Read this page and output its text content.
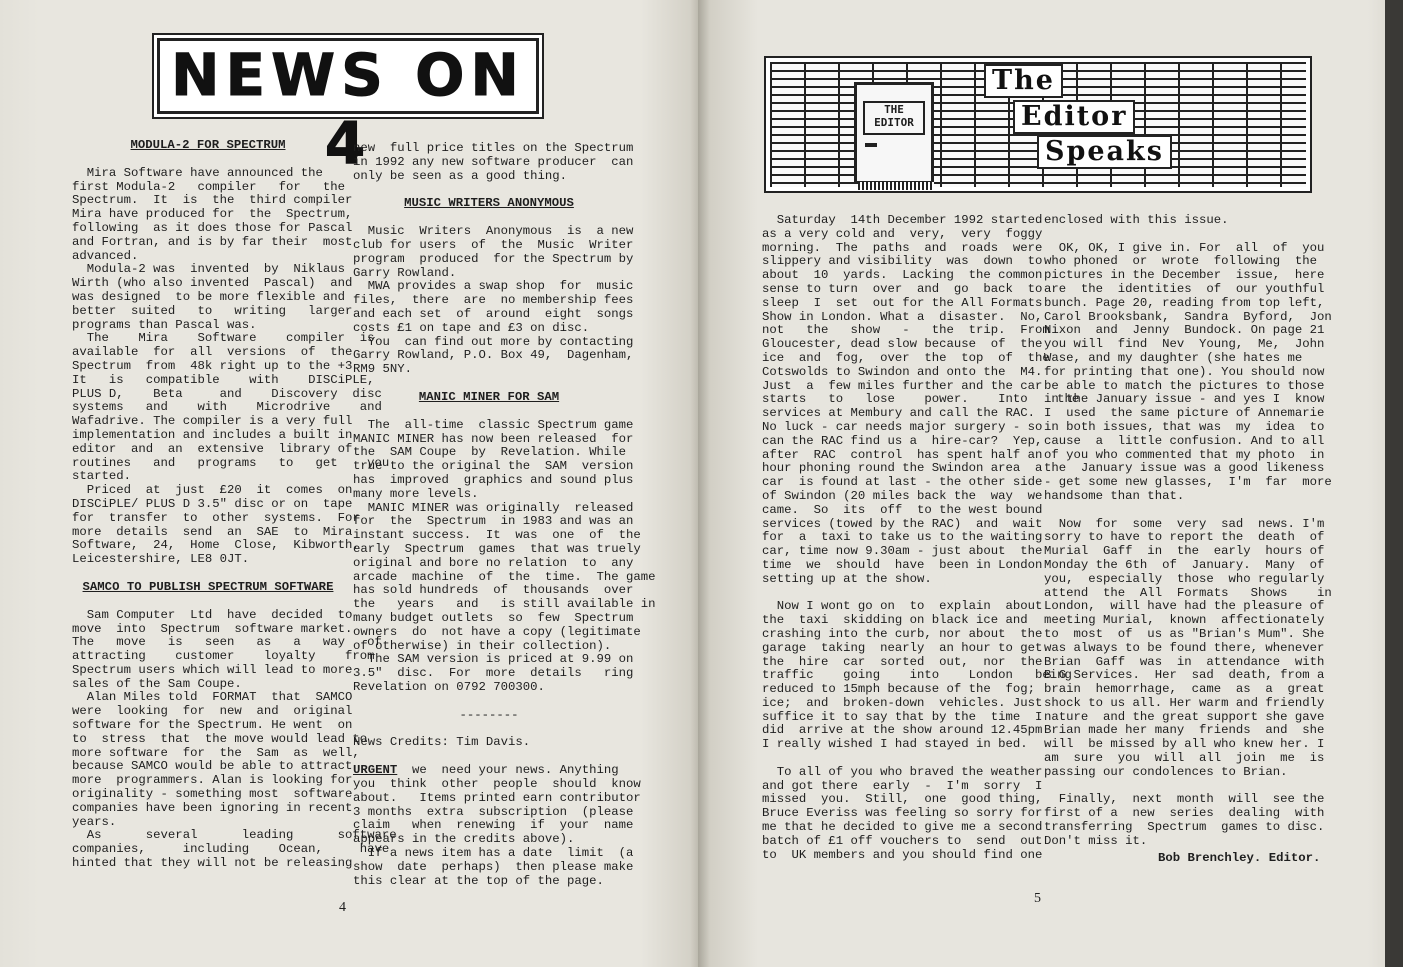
NEWS ON 4
MODULA-2 FOR SPECTRUM
Mira Software have announced the
first Modula-2   compiler   for   the
Spectrum.  It  is  the  third compiler
Mira have produced for  the  Spectrum,
following  as it does those for Pascal
and Fortran, and is by far their  most
advanced.
Modula-2 was  invented  by  Niklaus
Wirth (who also invented  Pascal)  and
was designed  to be more flexible and
better  suited   to   writing   larger
programs than Pascal was.
The    Mira    Software    compiler  is
available  for  all  versions  of  the
Spectrum  from  48k right up to the +3
It   is   compatible    with    DISCiPLE,
PLUS D,    Beta     and    Discovery  disc
systems   and    with    Microdrive    and
Wafadrive. The compiler is a very full
implementation and includes a built in
editor  and  an  extensive  library of
routines   and   programs   to   get    you
started.
Priced  at  just  £20  it  comes  on
DISCiPLE/ PLUS D 3.5" disc or on  tape
for  transfer  to  other  systems.  For
more  details  send  an  SAE  to  Mira
Software,  24,  Home  Close,  Kibworth,
Leicestershire, LE8 0JT.
SAMCO TO PUBLISH SPECTRUM SOFTWARE
Sam Computer  Ltd  have  decided  to
move  into  Spectrum  software market.
The   move   is   seen   as   a   way   of
attracting    customer    loyalty    from
Spectrum users which will lead to more
sales of the Sam Coupe.
Alan Miles told  FORMAT  that  SAMCO
were  looking  for  new  and  original
software for the Spectrum. He went  on
to  stress  that  the move would lead to
more software  for  the  Sam  as  well,
because SAMCO would be able to attract
more  programmers. Alan is looking for
originality - something most  software
companies have been ignoring in recent
years.
As      several      leading      software
companies,     including    Ocean,     have
hinted that they will not be releasing
new  full price titles on the Spectrum
in 1992 any new software producer  can
only be seen as a good thing.
MUSIC WRITERS ANONYMOUS
Music  Writers  Anonymous  is  a new
club for users  of  the  Music  Writer
program  produced  for the Spectrum by
Garry Rowland.
MWA provides a swap shop  for  music
files,  there  are  no membership fees
and each set  of  around  eight  songs
costs £1 on tape and £3 on disc.
You  can find out more by contacting
Garry Rowland, P.O. Box 49,  Dagenham,
RM9 5NY.
MANIC MINER FOR SAM
The  all-time  classic Spectrum game
MANIC MINER has now been released  for
the  SAM Coupe  by  Revelation. While
true to the original the  SAM  version
has  improved  graphics and sound plus
many more levels.
MANIC MINER was originally  released
for  the  Spectrum  in 1983 and was an
instant success.  It  was  one  of  the
early  Spectrum  games  that was truely
original and bore no relation  to  any
arcade  machine  of  the  time.  The game
has sold hundreds  of  thousands  over
the   years   and   is still available in
many budget outlets  so  few  Spectrum
owners  do  not have a copy (legitimate
of otherwise) in their collection).
The SAM version is priced at 9.99 on
3.5"  disc.  For  more  details   ring
Revelation on 0792 700300.
--------
News Credits: Tim Davis.
URGENT  we  need your news. Anything
you  think  other  people  should  know
about.   Items printed earn contributor
3 months  extra  subscription  (please
claim   when  renewing  if  your  name
appears in the credits above).
If a news item has a date  limit  (a
show  date  perhaps)  then please make
this clear at the top of the page.
4
THE
EDITOR
The
Editor
Speaks
Saturday  14th December 1992 started
as a very cold and  very,  very  foggy
morning.  The  paths  and  roads  were
slippery and visibility  was  down  to
about  10  yards.  Lacking  the common
sense to turn  over  and  go  back  to
sleep  I  set  out for the All Formats
Show in London. What a  disaster.  No,
not   the   show   -   the  trip.  From
Gloucester, dead slow because  of  the
ice  and  fog,  over  the  top  of  the
Cotswolds to Swindon and onto the  M4.
Just  a  few miles further and the car
starts   to   lose    power.    Into    the
services at Membury and call the RAC.
No luck - car needs major surgery - so
can the RAC find us a  hire-car?  Yep,
after  RAC  control  has spent half an
hour phoning round the Swindon area  a
car  is found at last - the other side
of Swindon (20 miles back the  way  we
came.  So  its  off  to the west bound
services (towed by the RAC)  and  wait
for  a  taxi to take us to the waiting
car, time now 9.30am - just about  the
time  we  should  have  been in London
setting up at the show.

Now I wont go on  to  explain  about
the  taxi  skidding on black ice and
crashing into the curb, nor about  the
garage  taking  nearly  an hour to get
the  hire  car  sorted  out,  nor  the
traffic    going    into    London   being
reduced to 15mph because of the  fog;
ice;  and  broken-down  vehicles. Just
suffice it to say that by the  time  I
did  arrive at the show around 12.45pm
I really wished I had stayed in bed.

To all of you who braved the weather
and got there  early  -  I'm  sorry  I
missed  you.  Still,  one  good thing,
Bruce Everiss was feeling so sorry for
me that he decided to give me a second
batch of £1 off vouchers to  send  out
to  UK members and you should find one
enclosed with this issue.

OK, OK, I give in. For  all  of  you
who phoned  or  wrote  following  the
pictures in the December  issue,  here
are  the  identities  of  our youthful
bunch. Page 20, reading from top left,
Carol Brooksbank,  Sandra  Byford,  Jon
Nixon  and  Jenny  Bundock. On page 21
you will  find  Nev  Young,  Me,  John
Wase, and my daughter (she hates me
for printing that one). You should now
be able to match the pictures to those
in the January issue - and yes I  know
I  used  the same picture of Annemarie
in both issues, that was  my  idea  to
cause  a  little confusion. And to all
of you who commented that my photo  in
the  January issue was a good likeness
- get some new glasses,  I'm  far  more
handsome than that.

Now  for  some  very  sad  news. I'm
sorry to have to report the  death  of
Murial  Gaff  in  the  early  hours of
Monday the 6th  of  January.  Many  of
you,  especially  those  who regularly
attend  the  All  Formats   Shows    in
London,  will have had the pleasure of
meeting Murial,  known  affectionately
to  most  of  us as "Brian's Mum". She
was always to be found there, whenever
Brian  Gaff  was  in  attendance  with
B G Services.  Her  sad  death, from a
brain  hemorrhage,  came  as  a  great
shock to us all. Her warm and friendly
nature  and the great support she gave
Brian made her many  friends  and  she
will  be missed by all who knew her. I
am  sure  you  will  all  join  me  is
passing our condolences to Brian.

Finally,  next  month  will  see the
first of a  new  series  dealing  with
transferring  Spectrum  games to disc.
Don't miss it.
Bob Brenchley. Editor.
5
